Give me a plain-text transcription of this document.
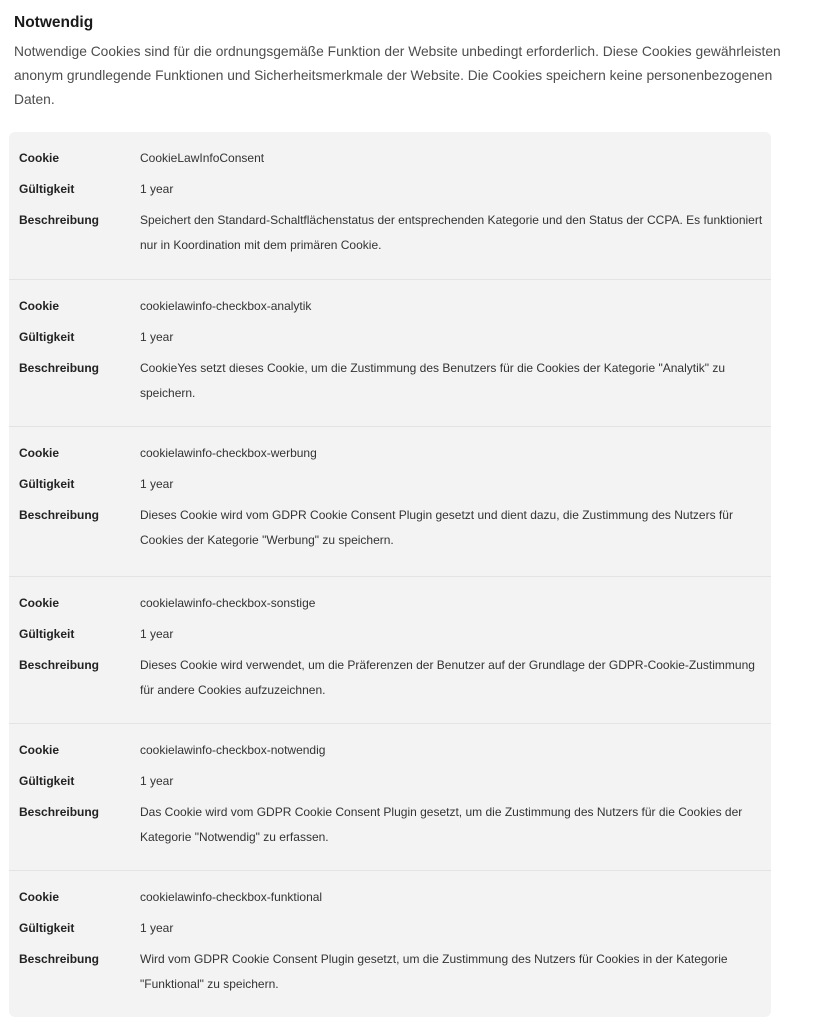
Notwendig

Notwendige Cookies sind für die ordnungsgemäße Funktion der Website unbedingt erforderlich. Diese Cookies gewährleisten anonym grundlegende Funktionen und Sicherheitsmerkmale der Website. Die Cookies speichern keine personenbezogenen Daten.

Cookie	CookieLawInfoConsent
Gültigkeit	1 year
Beschreibung	Speichert den Standard-Schaltflächenstatus der entsprechenden Kategorie und den Status der CCPA. Es funktioniert nur in Koordination mit dem primären Cookie.
Cookie	cookielawinfo-checkbox-analytik
Gültigkeit	1 year
Beschreibung	CookieYes setzt dieses Cookie, um die Zustimmung des Benutzers für die Cookies der Kategorie "Analytik" zu speichern.
Cookie	cookielawinfo-checkbox-werbung
Gültigkeit	1 year
Beschreibung	Dieses Cookie wird vom GDPR Cookie Consent Plugin gesetzt und dient dazu, die Zustimmung des Nutzers für Cookies der Kategorie "Werbung" zu speichern.
Cookie	cookielawinfo-checkbox-sonstige
Gültigkeit	1 year
Beschreibung	Dieses Cookie wird verwendet, um die Präferenzen der Benutzer auf der Grundlage der GDPR-Cookie-Zustimmung für andere Cookies aufzuzeichnen.
Cookie	cookielawinfo-checkbox-notwendig
Gültigkeit	1 year
Beschreibung	Das Cookie wird vom GDPR Cookie Consent Plugin gesetzt, um die Zustimmung des Nutzers für die Cookies der Kategorie "Notwendig" zu erfassen.
Cookie	cookielawinfo-checkbox-funktional
Gültigkeit	1 year
Beschreibung	Wird vom GDPR Cookie Consent Plugin gesetzt, um die Zustimmung des Nutzers für Cookies in der Kategorie "Funktional" zu speichern.
